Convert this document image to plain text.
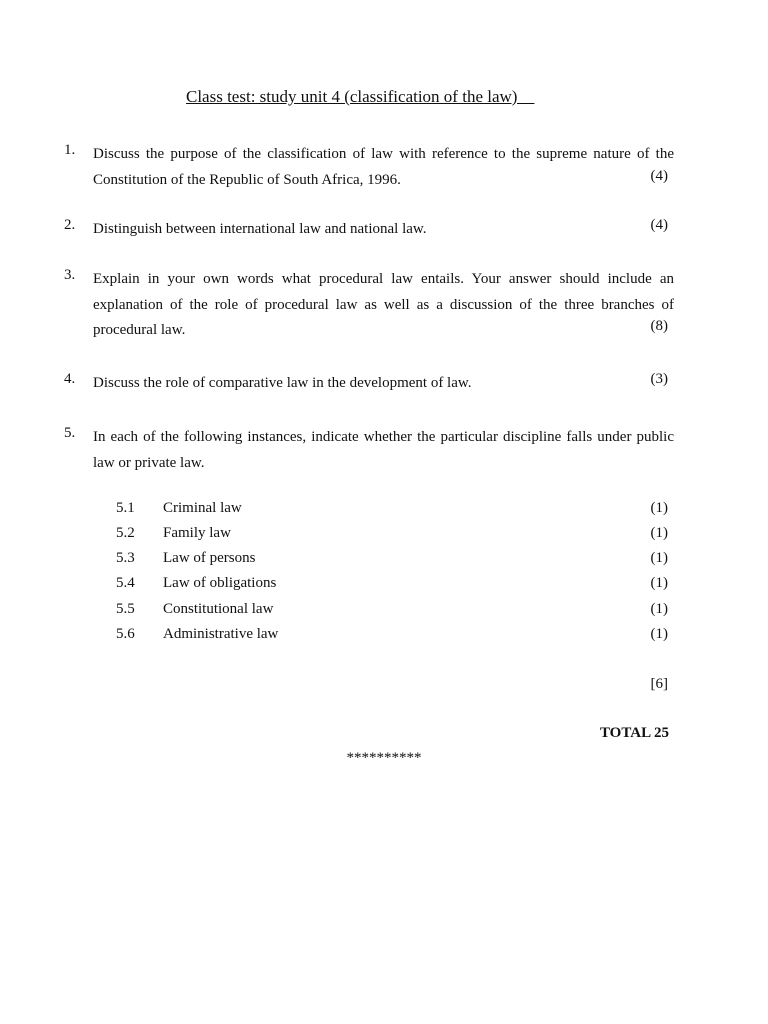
Class test: study unit 4 (classification of the law)
1. Discuss the purpose of the classification of law with reference to the supreme nature of the Constitution of the Republic of South Africa, 1996.	(4)
2. Distinguish between international law and national law.	(4)
3. Explain in your own words what procedural law entails. Your answer should include an explanation of the role of procedural law as well as a discussion of the three branches of procedural law.	(8)
4. Discuss the role of comparative law in the development of law.	(3)
5. In each of the following instances, indicate whether the particular discipline falls under public law or private law.
5.1 Criminal law	(1)
5.2 Family law	(1)
5.3 Law of persons	(1)
5.4 Law of obligations	(1)
5.5 Constitutional law	(1)
5.6 Administrative law	(1)
[6]
TOTAL 25
**********
